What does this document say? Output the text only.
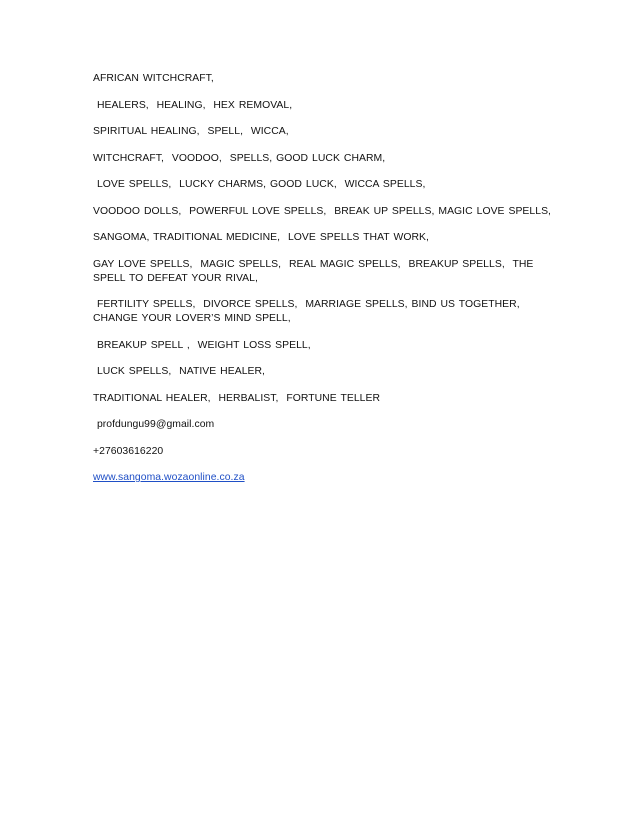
AFRICAN WITCHCRAFT,

HEALERS,  HEALING,  HEX REMOVAL,

SPIRITUAL HEALING,  SPELL,  WICCA,

WITCHCRAFT,  VOODOO,  SPELLS, GOOD LUCK CHARM,

LOVE SPELLS,  LUCKY CHARMS, GOOD LUCK,  WICCA SPELLS,

VOODOO DOLLS,  POWERFUL LOVE SPELLS,  BREAK UP SPELLS, MAGIC LOVE SPELLS,

SANGOMA, TRADITIONAL MEDICINE,  LOVE SPELLS THAT WORK,

GAY LOVE SPELLS,  MAGIC SPELLS,  REAL MAGIC SPELLS,  BREAKUP SPELLS,  THE SPELL TO DEFEAT YOUR RIVAL,

FERTILITY SPELLS,  DIVORCE SPELLS,  MARRIAGE SPELLS, BIND US TOGETHER,  CHANGE YOUR LOVER’S MIND SPELL,

BREAKUP SPELL ,  WEIGHT LOSS SPELL,

LUCK SPELLS,  NATIVE HEALER,

TRADITIONAL HEALER,  HERBALIST,  FORTUNE TELLER

profdungu99@gmail.com

+27603616220

www.sangoma.wozaonline.co.za
